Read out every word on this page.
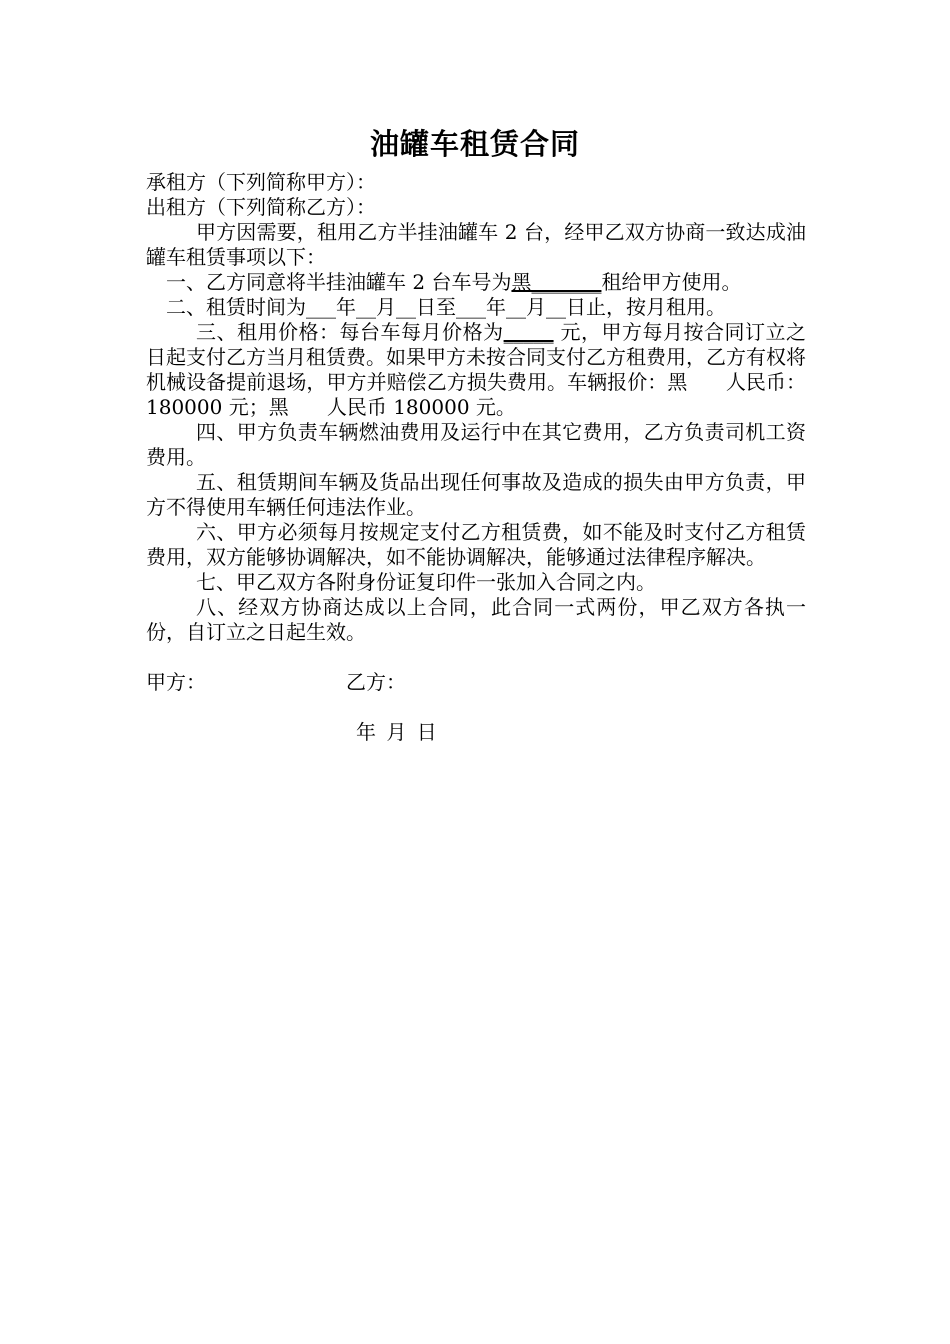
油罐车租赁合同

承租方（下列简称甲方）：

出租方（下列简称乙方）：

甲方因需要，租用乙方半挂油罐车 2 台，经甲乙双方协商一致达成油罐车租赁事项以下：

一、乙方同意将半挂油罐车 2 台车号为黑_______租给甲方使用。

二、租赁时间为___年__月__日至___年__月__日止，按月租用。

三、租用价格：每台车每月价格为_____ 元，甲方每月按合同订立之日起支付乙方当月租赁费。如果甲方未按合同支付乙方租费用，乙方有权将机械设备提前退场，甲方并赔偿乙方损失费用。车辆报价：黑      人民币：180000 元；黑      人民币 180000 元。

四、甲方负责车辆燃油费用及运行中在其它费用，乙方负责司机工资费用。

五、租赁期间车辆及货品出现任何事故及造成的损失由甲方负责，甲方不得使用车辆任何违法作业。

六、甲方必须每月按规定支付乙方租赁费，如不能及时支付乙方租赁费用，双方能够协调解决，如不能协调解决，能够通过法律程序解决。

七、甲乙双方各附身份证复印件一张加入合同之内。

八、经双方协商达成以上合同，此合同一式两份，甲乙双方各执一份，自订立之日起生效。

甲方：	乙方：
年 月 日
